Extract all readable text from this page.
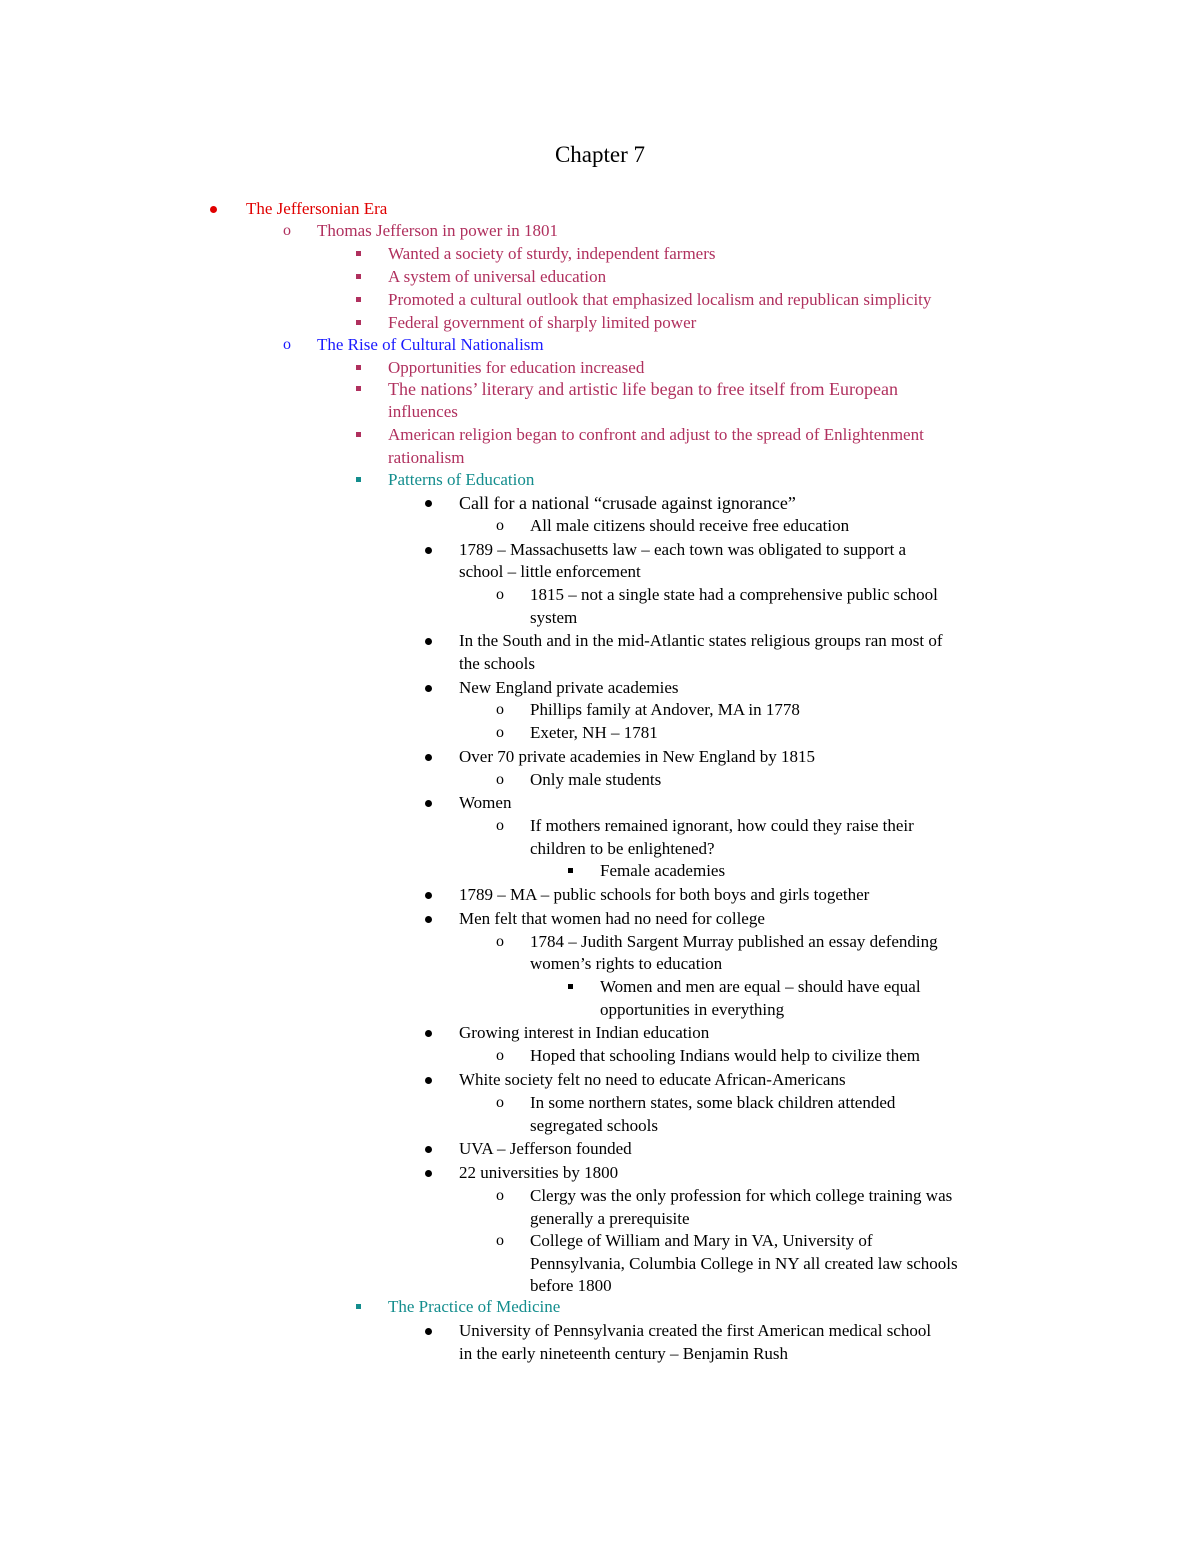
Chapter 7
The Jeffersonian Era
o Thomas Jefferson in power in 1801
Wanted a society of sturdy, independent farmers
A system of universal education
Promoted a cultural outlook that emphasized localism and republican simplicity
Federal government of sharply limited power
o The Rise of Cultural Nationalism
Opportunities for education increased
The nations’ literary and artistic life began to free itself from European
influences
American religion began to confront and adjust to the spread of Enlightenment
rationalism
Patterns of Education
Call for a national “crusade against ignorance”
o All male citizens should receive free education
1789 – Massachusetts law – each town was obligated to support a
school – little enforcement
o 1815 – not a single state had a comprehensive public school
system
In the South and in the mid-Atlantic states religious groups ran most of
the schools
New England private academies
o Phillips family at Andover, MA in 1778
o Exeter, NH – 1781
Over 70 private academies in New England by 1815
o Only male students
Women
o If mothers remained ignorant, how could they raise their
children to be enlightened?
Female academies
1789 – MA – public schools for both boys and girls together
Men felt that women had no need for college
o 1784 – Judith Sargent Murray published an essay defending
women’s rights to education
Women and men are equal – should have equal
opportunities in everything
Growing interest in Indian education
o Hoped that schooling Indians would help to civilize them
White society felt no need to educate African-Americans
o In some northern states, some black children attended
segregated schools
UVA – Jefferson founded
22 universities by 1800
o Clergy was the only profession for which college training was
generally a prerequisite
o College of William and Mary in VA, University of
Pennsylvania, Columbia College in NY all created law schools
before 1800
The Practice of Medicine
University of Pennsylvania created the first American medical school
in the early nineteenth century – Benjamin Rush
